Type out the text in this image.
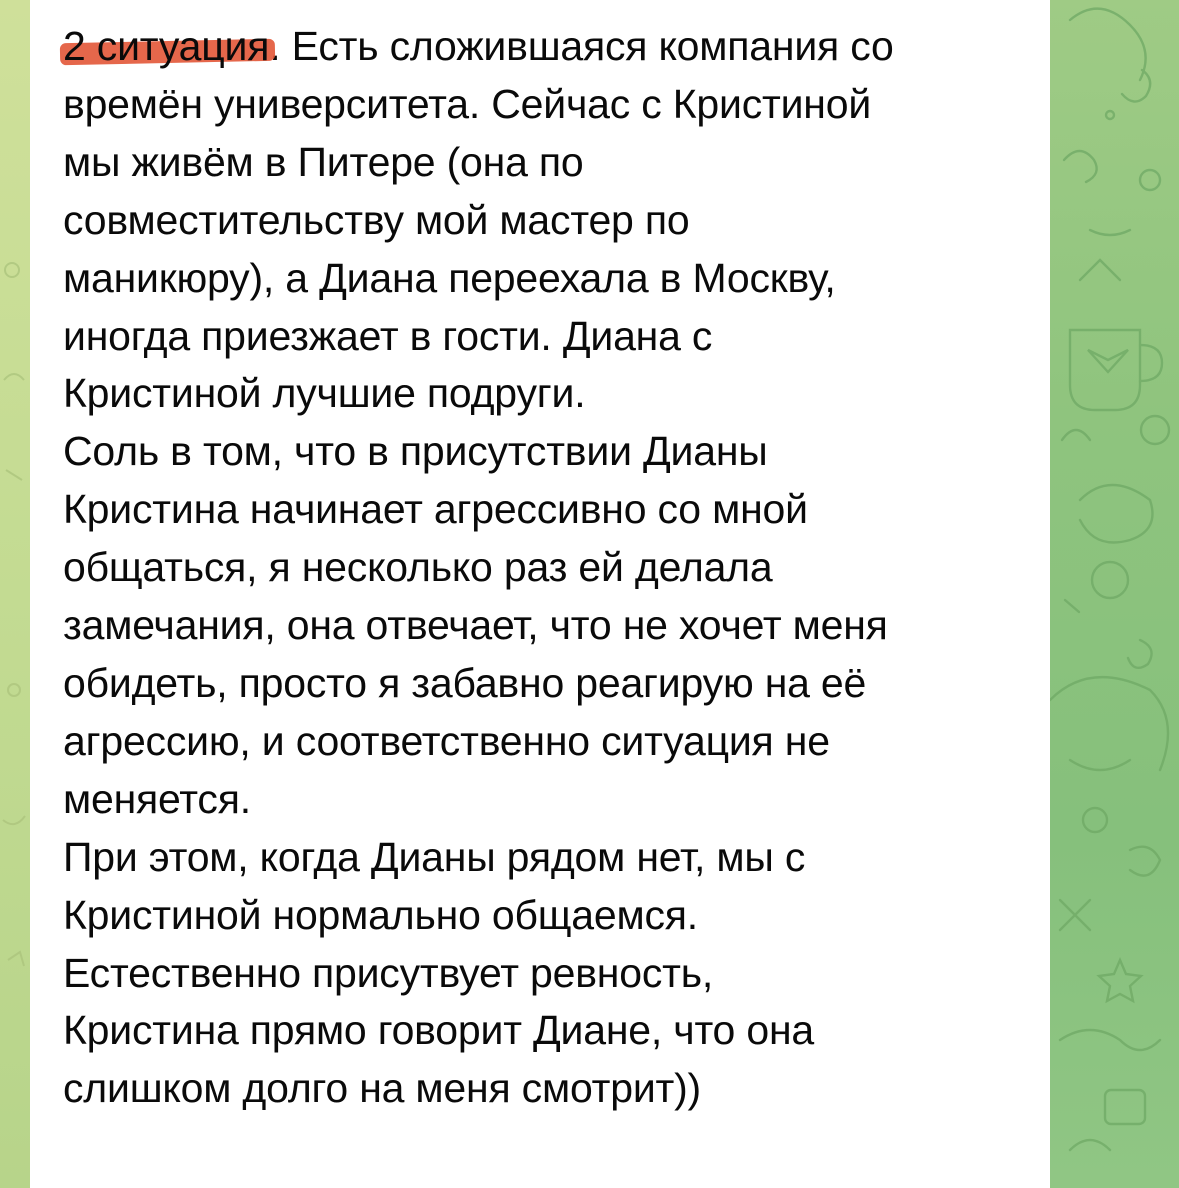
2 ситуация. Есть сложившаяся компания со
времён университета. Сейчас с Кристиной
мы живём в Питере (она по
совместительству мой мастер по
маникюру), а Диана переехала в Москву,
иногда приезжает в гости. Диана с
Кристиной лучшие подруги.
Соль в том, что в присутствии Дианы
Кристина начинает агрессивно со мной
общаться, я несколько раз ей делала
замечания, она отвечает, что не хочет меня
обидеть, просто я забавно реагирую на её
агрессию, и соответственно ситуация не
меняется.
При этом, когда Дианы рядом нет, мы с
Кристиной нормально общаемся.
Естественно присутвует ревность,
Кристина прямо говорит Диане, что она
слишком долго на меня смотрит))
